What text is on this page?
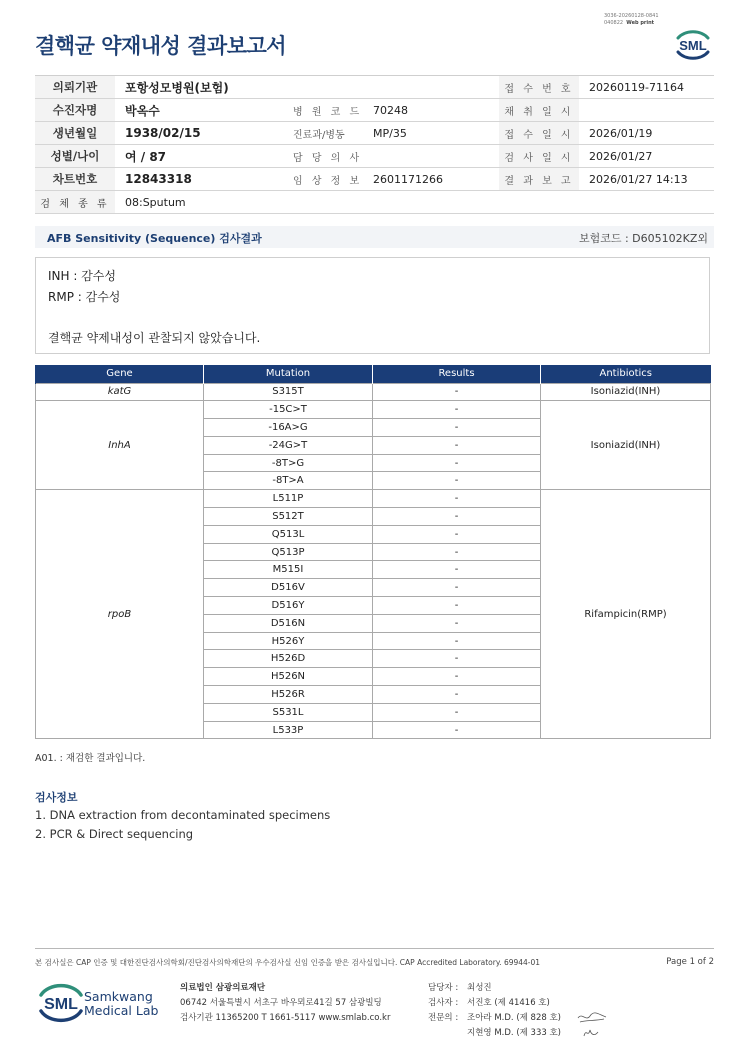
3036-20260128-0841
040822 Web print
결핵균 약재내성 결과보고서	SML
의뢰기관	포항성모병원(보험)			접 수 번 호	20260119-71164
수진자명	박옥수	병 원 코 드	70248	채 취 일 시	
생년월일	1938/02/15	진료과/병동	MP/35	접 수 일 시	2026/01/19
성별/나이	여 / 87	담 당 의 사		검 사 일 시	2026/01/27
차트번호	12843318	임 상 정 보	2601171266	결 과 보 고	2026/01/27 14:13
검 체 종 류	08:Sputum				
AFB Sensitivity (Sequence) 검사결과	보험코드 : D605102KZ외
INH : 감수성
RMP : 감수성
결핵균 약제내성이 관찰되지 않았습니다.
Gene	Mutation	Results	Antibiotics
katG	S315T	-	Isoniazid(INH)
InhA	-15C>T	-	Isoniazid(INH)
	-16A>G	-	
	-24G>T	-	
	-8T>G	-	
	-8T>A	-	
rpoB	L511P	-	Rifampicin(RMP)
	S512T	-	
	Q513L	-	
	Q513P	-	
	M515I	-	
	D516V	-	
	D516Y	-	
	D516N	-	
	H526Y	-	
	H526D	-	
	H526N	-	
	H526R	-	
	S531L	-	
	L533P	-	
A01. : 재검한 결과입니다.
검사정보
1. DNA extraction from decontaminated specimens
2. PCR & Direct sequencing
본 검사실은 CAP 인증 및 대한진단검사의학회/진단검사의학재단의 우수검사실 신임 인증을 받은 검사실입니다. CAP Accredited Laboratory. 69944-01	Page 1 of 2
SML Samkwang
Medical Lab
의료법인 삼광의료재단
06742 서울특별시 서초구 바우뫼로41길 57 삼광빌딩
검사기관 11365200 T 1661-5117 www.smlab.co.kr
담당자 : 최성진
검사자 : 서진호 (제 41416 호)
전문의 : 조아라 M.D. (제 828 호)
지현영 M.D. (제 333 호)
